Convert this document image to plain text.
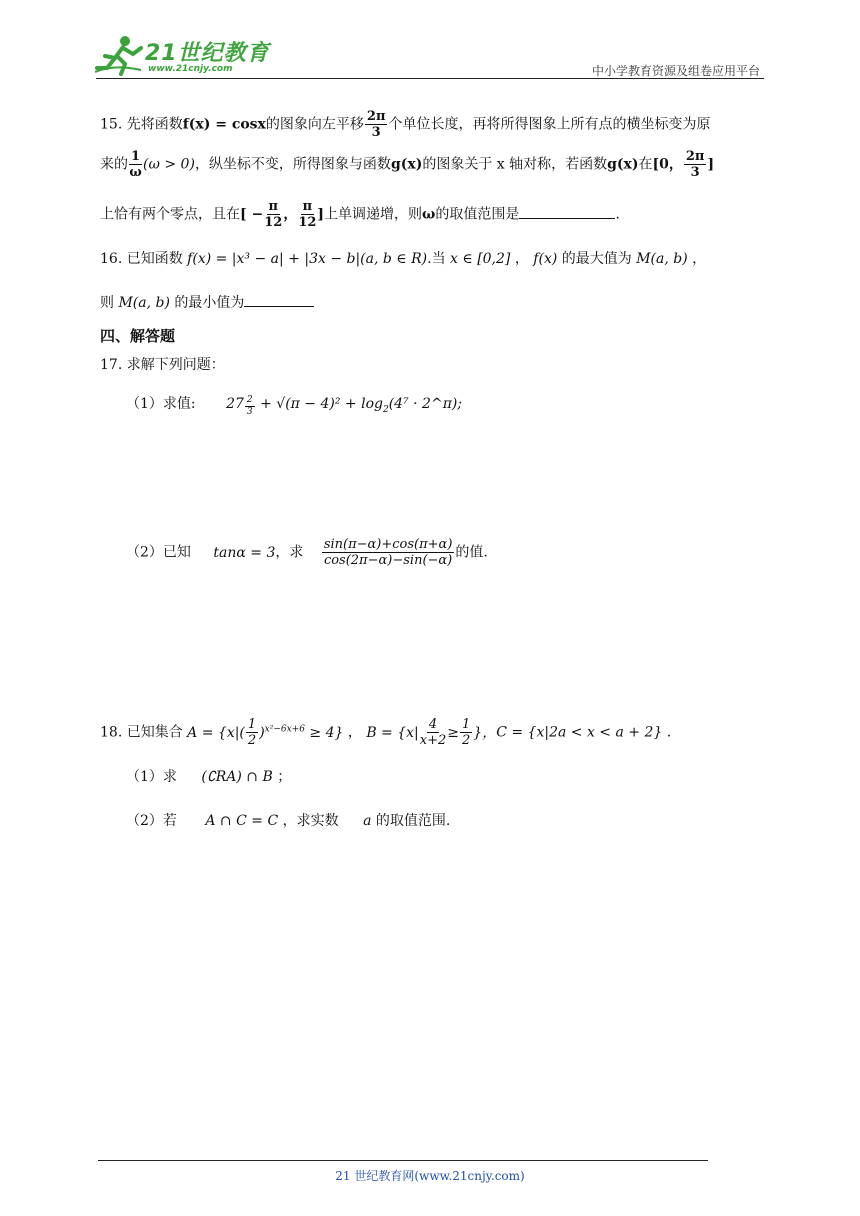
21世纪教育
www.21cnjy.com	中小学教育资源及组卷应用平台
15. 先将函数f(x) = cosx的图象向左平移 $\frac{2\pi}{3}$ 个单位长度，再将所得图象上所有点的横坐标变为原
来的 $\frac{1}{\omega} (\omega > 0)$，纵坐标不变，所得图象与函数g(x)的图象关于 x 轴对称，若函数g(x)在[0， $\frac{2\pi}{3}$ ]
上恰有两个零点，且在[ − $\frac{\pi}{12}$ ， $\frac{\pi}{12}$ ]上单调递增，则ω的取值范围是	.
16. 已知函数 f(x) = |x³ − a| + |3x − b|(a, b ∈ R).当 x ∈ [0,2] ， f(x) 的最大值为 M(a, b) ，
则 M(a, b) 的最小值为
四、解答题
17. 求解下列问题：
（1）求值: $27 \frac{2}{3} + √(\pi - 4)^2 + \log_2(4^7$ · 2^π);
（2）已知 tanα = 3，求 $\frac{\sin(\pi-\alpha)+\cos(\pi+\alpha)}{\cos(2\pi-\alpha)-\sin(-\alpha)}$ 的值.
18. 已知集合 $A = \{x|( \frac{1}{2} )^{x^2-6x+6} \ge 4\}$ ， $B = \{x| \frac{4}{x+2} \ge \frac{1}{2}$ }，C = {x|2a < x < a + 2} .
（1）求 (∁RA) ∩ B ；
（2）若 A ∩ C = C ，求实数 a 的取值范围.
21 世纪教育网(www.21cnjy.com)
